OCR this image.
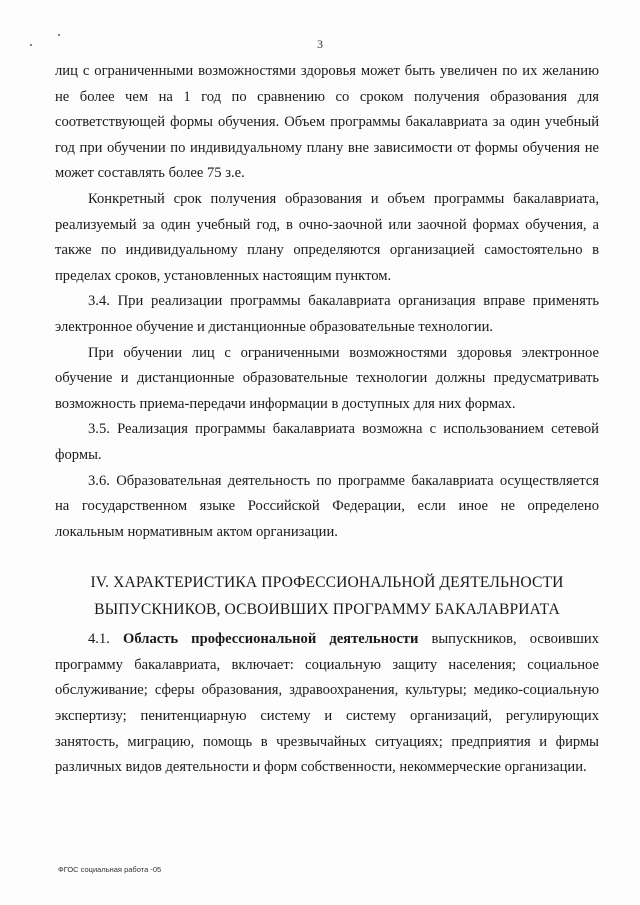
3

лиц с ограниченными возможностями здоровья может быть увеличен по их желанию не более чем на 1 год по сравнению со сроком получения образования для соответствующей формы обучения. Объем программы бакалавриата за один учебный год при обучении по индивидуальному плану вне зависимости от формы обучения не может составлять более 75 з.е.

Конкретный срок получения образования и объем программы бакалавриата, реализуемый за один учебный год, в очно-заочной или заочной формах обучения, а также по индивидуальному плану определяются организацией самостоятельно в пределах сроков, установленных настоящим пунктом.

3.4. При реализации программы бакалавриата организация вправе применять электронное обучение и дистанционные образовательные технологии.

При обучении лиц с ограниченными возможностями здоровья электронное обучение и дистанционные образовательные технологии должны предусматривать возможность приема-передачи информации в доступных для них формах.

3.5. Реализация программы бакалавриата возможна с использованием сетевой формы.

3.6. Образовательная деятельность по программе бакалавриата осуществляется на государственном языке Российской Федерации, если иное не определено локальным нормативным актом организации.

IV. ХАРАКТЕРИСТИКА ПРОФЕССИОНАЛЬНОЙ ДЕЯТЕЛЬНОСТИ
ВЫПУСКНИКОВ, ОСВОИВШИХ ПРОГРАММУ БАКАЛАВРИАТА

4.1. Область профессиональной деятельности выпускников, освоивших программу бакалавриата, включает: социальную защиту населения; социальное обслуживание; сферы образования, здравоохранения, культуры; медико-социальную экспертизу; пенитенциарную систему и систему организаций, регулирующих занятость, миграцию, помощь в чрезвычайных ситуациях; предприятия и фирмы различных видов деятельности и форм собственности, некоммерческие организации.

ФГОС социальная работа -05
